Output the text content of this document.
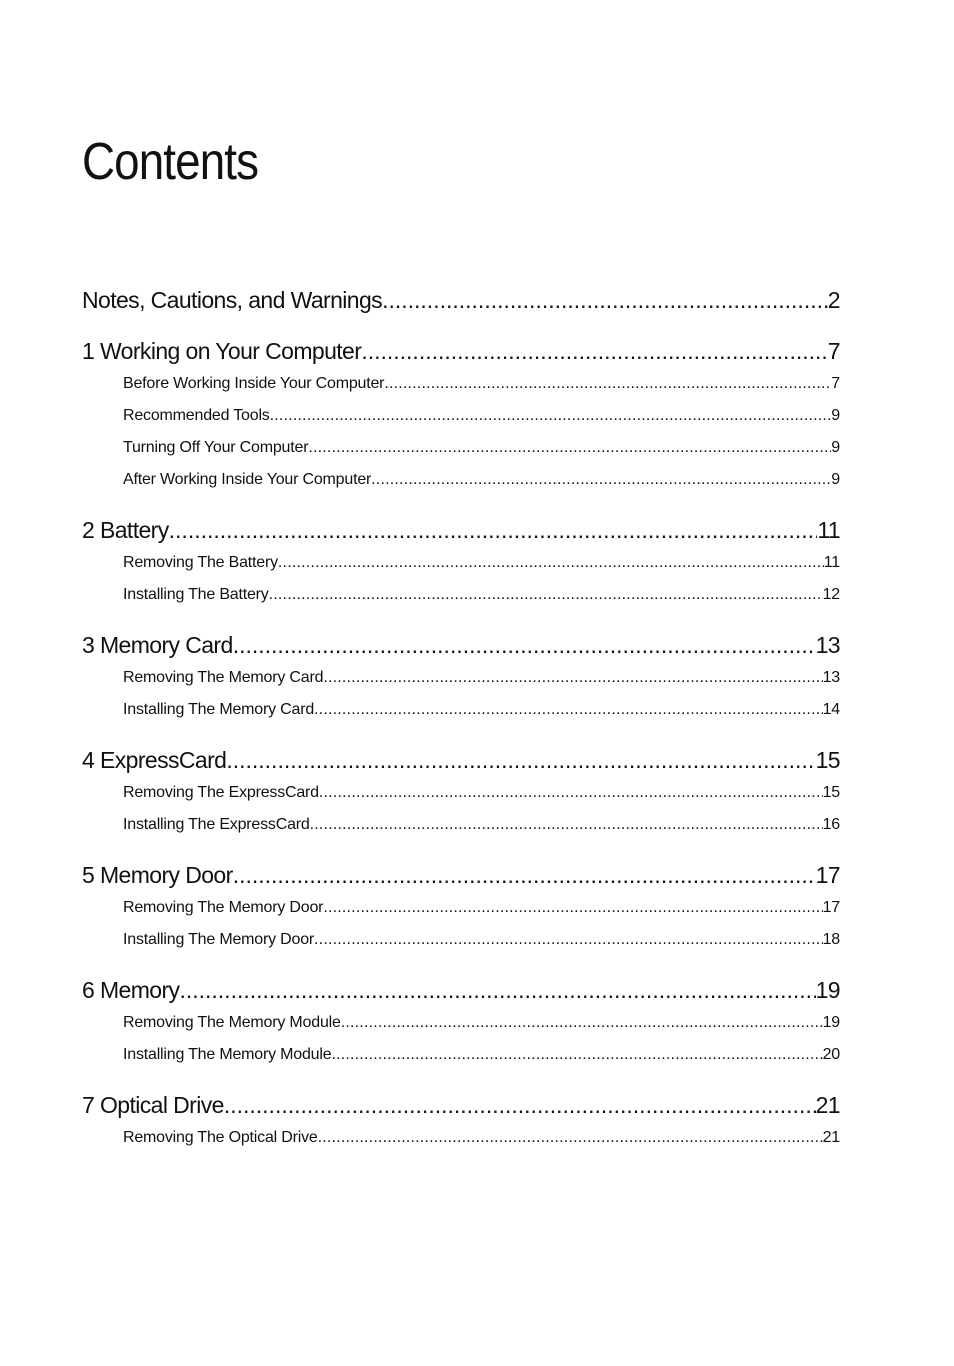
Contents
Notes, Cautions, and Warnings .....	2
1 Working on Your Computer .....	7
Before Working Inside Your Computer .....	7
Recommended Tools .....	9
Turning Off Your Computer .....	9
After Working Inside Your Computer .....	9
2 Battery .....	11
Removing The Battery .....	11
Installing The Battery .....	12
3 Memory Card .....	13
Removing The Memory Card .....	13
Installing The Memory Card .....	14
4 ExpressCard .....	15
Removing The ExpressCard .....	15
Installing The ExpressCard .....	16
5 Memory Door .....	17
Removing The Memory Door .....	17
Installing The Memory Door .....	18
6 Memory .....	19
Removing The Memory Module .....	19
Installing The Memory Module .....	20
7 Optical Drive .....	21
Removing The Optical Drive .....	21
